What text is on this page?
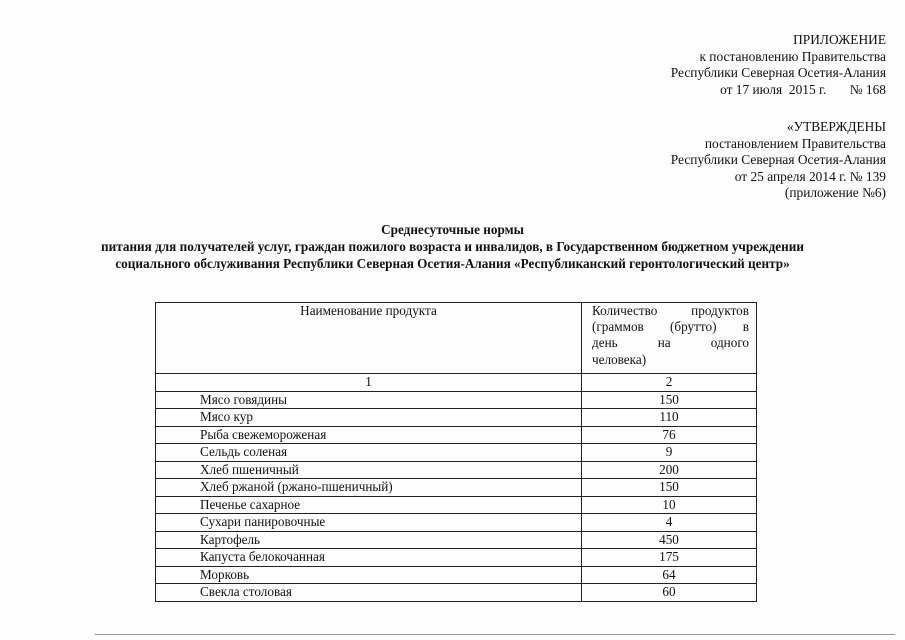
ПРИЛОЖЕНИЕ
к постановлению Правительства
Республики Северная Осетия-Алания
от 17 июля  2015 г.       № 168
«УТВЕРЖДЕНЫ
постановлением Правительства
Республики Северная Осетия-Алания
от 25 апреля 2014 г. № 139
(приложение №6)
Среднесуточные нормы
питания для получателей услуг, граждан пожилого возраста и инвалидов, в Государственном бюджетном учреждении
социального обслуживания Республики Северная Осетия-Алания «Республиканский геронтологический центр»
Наименование продукта	Количество продуктов
(граммов (брутто) в
день на одного
человека)

1	2
Мясо говядины	150
Мясо кур	110
Рыба свежемороженая	76
Сельдь соленая	9
Хлеб пшеничный	200
Хлеб ржаной (ржано-пшеничный)	150
Печенье сахарное	10
Сухари панировочные	4
Картофель	450
Капуста белокочанная	175
Морковь	64
Свекла столовая	60
